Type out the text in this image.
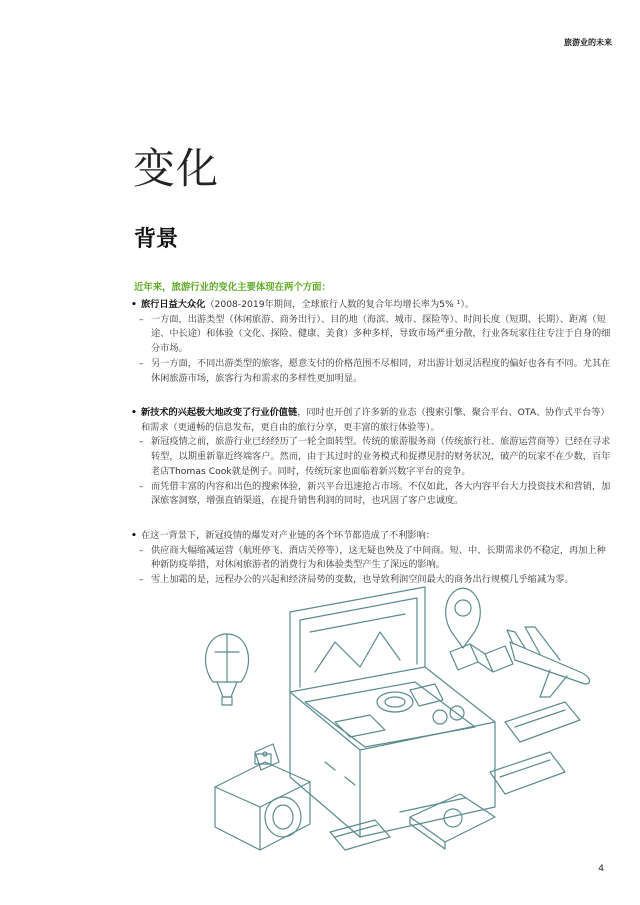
旅游业的未来
变化
背景
近年来，旅游行业的变化主要体现在两个方面：
• 旅行日益大众化（2008-2019年期间，全球旅行人数的复合年均增长率为5% ¹）。
– 一方面，出游类型（休闲旅游、商务出行）、目的地（海滨、城市、探险等）、时间长度（短期、长期）、距离（短途、中长途）和体验（文化、探险、健康、美食）多种多样，导致市场严重分散，行业各玩家往往专注于自身的细分市场。
– 另一方面，不同出游类型的旅客，愿意支付的价格范围不尽相同，对出游计划灵活程度的偏好也各有不同。尤其在休闲旅游市场，旅客行为和需求的多样性更加明显。
• 新技术的兴起极大地改变了行业价值链，同时也开创了许多新的业态（搜索引擎、聚合平台、OTA、协作式平台等）和需求（更通畅的信息发布，更自由的旅行分享，更丰富的旅行体验等）。
– 新冠疫情之前，旅游行业已经经历了一轮全面转型。传统的旅游服务商（传统旅行社、旅游运营商等）已经在寻求转型，以期重新靠近终端客户。然而，由于其过时的业务模式和捉襟见肘的财务状况，破产的玩家不在少数，百年老店Thomas Cook就是例子。同时，传统玩家也面临着新兴数字平台的竞争。
– 而凭借丰富的内容和出色的搜索体验，新兴平台迅速抢占市场。不仅如此，各大内容平台大力投资技术和营销，加深旅客洞察，增强直销渠道，在提升销售利润的同时，也巩固了客户忠诚度。
• 在这一背景下，新冠疫情的爆发对产业链的各个环节都造成了不利影响：
– 供应商大幅缩减运营（航班停飞、酒店关停等），这无疑也殃及了中间商。短、中、长期需求仍不稳定，再加上种种新防疫举措，对休闲旅游者的消费行为和体验类型产生了深远的影响。
– 雪上加霜的是，远程办公的兴起和经济局势的变数，也导致利润空间最大的商务出行规模几乎缩减为零。
4
